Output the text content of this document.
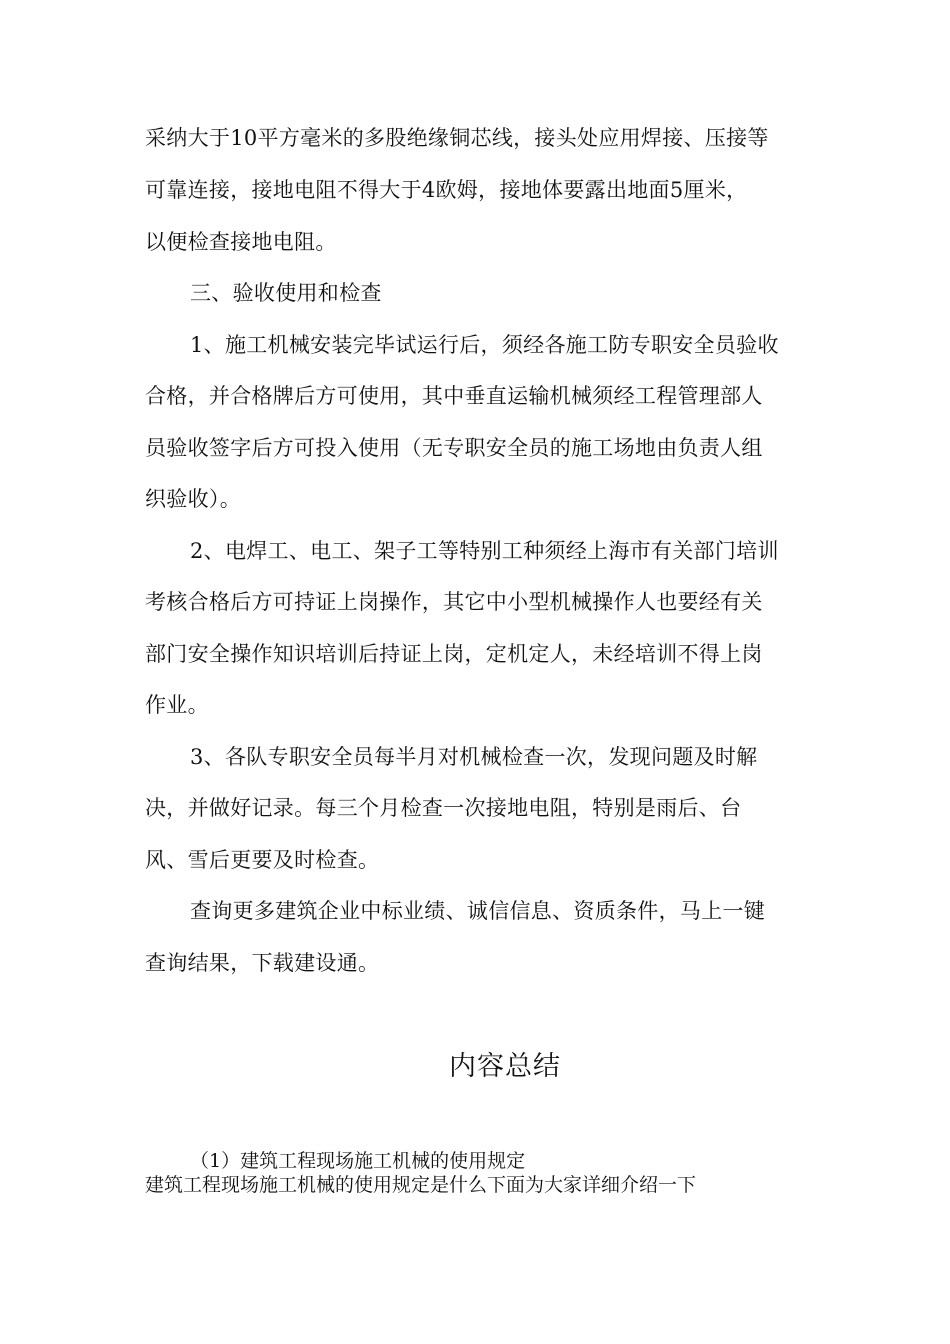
采纳大于10平方毫米的多股绝缘铜芯线，接头处应用焊接、压接等
可靠连接，接地电阻不得大于4欧姆，接地体要露出地面5厘米，
以便检查接地电阻。
三、验收使用和检查
1、施工机械安装完毕试运行后，须经各施工防专职安全员验收
合格，并合格牌后方可使用，其中垂直运输机械须经工程管理部人
员验收签字后方可投入使用（无专职安全员的施工场地由负责人组
织验收）。
2、电焊工、电工、架子工等特别工种须经上海市有关部门培训
考核合格后方可持证上岗操作，其它中小型机械操作人也要经有关
部门安全操作知识培训后持证上岗，定机定人，未经培训不得上岗
作业。
3、各队专职安全员每半月对机械检查一次，发现问题及时解
决，并做好记录。每三个月检查一次接地电阻，特别是雨后、台
风、雪后更要及时检查。
查询更多建筑企业中标业绩、诚信信息、资质条件，马上一键
查询结果，下载建设通。
内容总结
（1）建筑工程现场施工机械的使用规定
建筑工程现场施工机械的使用规定是什么下面为大家详细介绍一下
